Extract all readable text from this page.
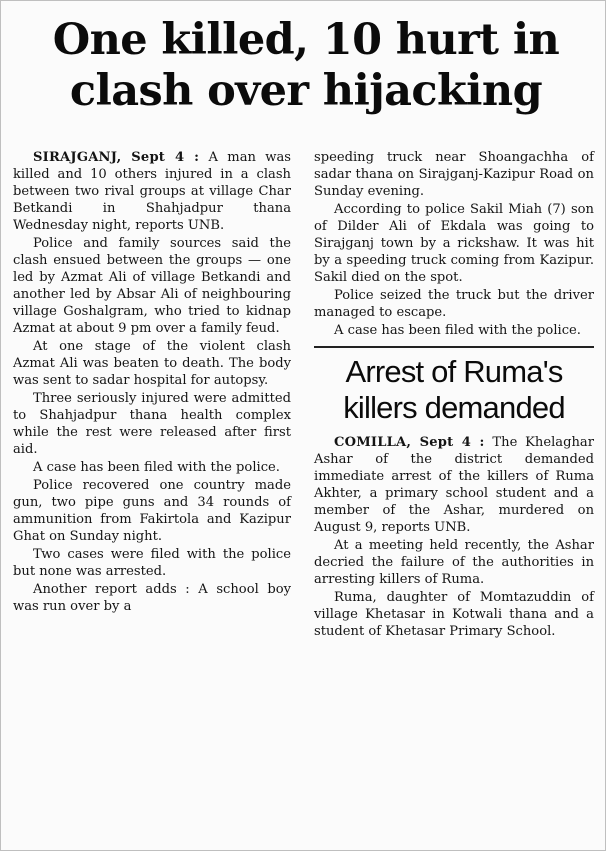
One killed, 10 hurt in clash over hijacking

SIRAJGANJ, Sept 4 : A man was killed and 10 others injured in a clash between two rival groups at village Char Betkandi in Shahjadpur thana Wednesday night, reports UNB.

Police and family sources said the clash ensued between the groups — one led by Azmat Ali of village Betkandi and another led by Absar Ali of neighbouring village Goshalgram, who tried to kidnap Azmat at about 9 pm over a family feud.

At one stage of the violent clash Azmat Ali was beaten to death. The body was sent to sadar hospital for autopsy.

Three seriously injured were admitted to Shahjadpur thana health complex while the rest were released after first aid.

A case has been filed with the police.

Police recovered one country made gun, two pipe guns and 34 rounds of ammunition from Fakirtola and Kazipur Ghat on Sunday night.

Two cases were filed with the police but none was arrested.

Another report adds : A school boy was run over by a

speeding truck near Shoangachha of sadar thana on Sirajganj-Kazipur Road on Sunday evening.

According to police Sakil Miah (7) son of Dilder Ali of Ekdala was going to Sirajganj town by a rickshaw. It was hit by a speeding truck coming from Kazipur. Sakil died on the spot.

Police seized the truck but the driver managed to escape.

A case has been filed with the police.

Arrest of Ruma's killers demanded

COMILLA, Sept 4 : The Khelaghar Ashar of the district demanded immediate arrest of the killers of Ruma Akhter, a primary school student and a member of the Ashar, murdered on August 9, reports UNB.

At a meeting held recently, the Ashar decried the failure of the authorities in arresting killers of Ruma.

Ruma, daughter of Momtazuddin of village Khetasar in Kotwali thana and a student of Khetasar Primary School.
